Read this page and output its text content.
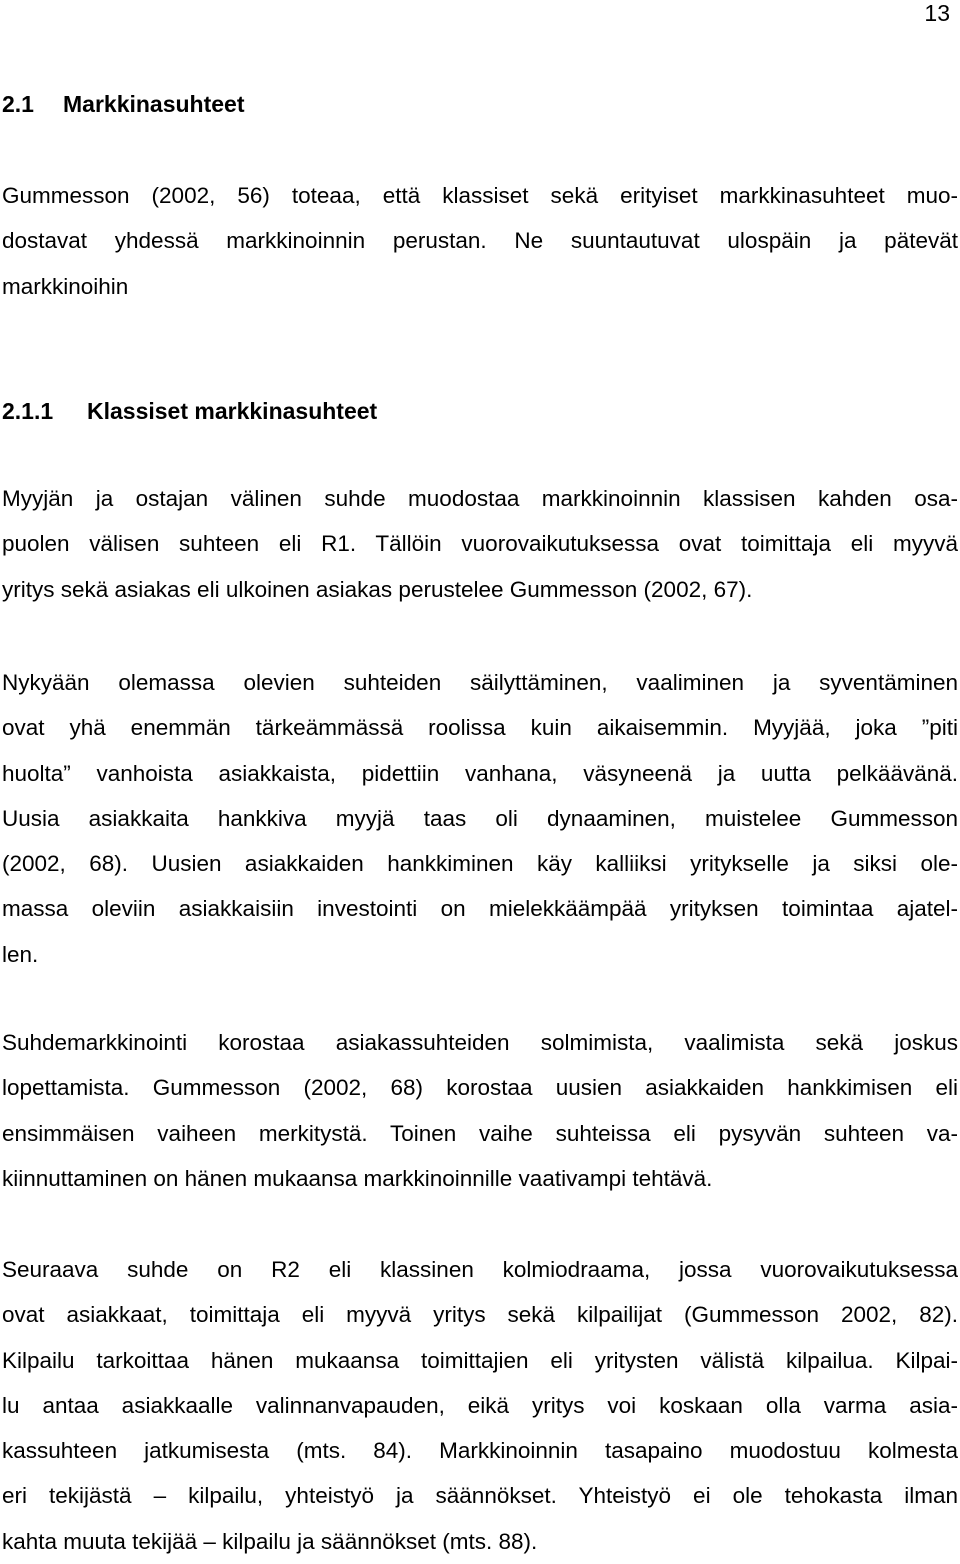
13
2.1 Markkinasuhteet
Gummesson (2002, 56) toteaa, että klassiset sekä erityiset markkinasuhteet muo-
dostavat yhdessä markkinoinnin perustan. Ne suuntautuvat ulospäin ja pätevät
markkinoihin
2.1.1 Klassiset markkinasuhteet
Myyjän ja ostajan välinen suhde muodostaa markkinoinnin klassisen kahden osa-
puolen välisen suhteen eli R1. Tällöin vuorovaikutuksessa ovat toimittaja eli myyvä
yritys sekä asiakas eli ulkoinen asiakas perustelee Gummesson (2002, 67).
Nykyään olemassa olevien suhteiden säilyttäminen, vaaliminen ja syventäminen
ovat yhä enemmän tärkeämmässä roolissa kuin aikaisemmin. Myyjää, joka ”piti
huolta” vanhoista asiakkaista, pidettiin vanhana, väsyneenä ja uutta pelkäävänä.
Uusia asiakkaita hankkiva myyjä taas oli dynaaminen, muistelee Gummesson
(2002, 68). Uusien asiakkaiden hankkiminen käy kalliiksi yritykselle ja siksi ole-
massa oleviin asiakkaisiin investointi on mielekkäämpää yrityksen toimintaa ajatel-
len.
Suhdemarkkinointi korostaa asiakassuhteiden solmimista, vaalimista sekä joskus
lopettamista. Gummesson (2002, 68) korostaa uusien asiakkaiden hankkimisen eli
ensimmäisen vaiheen merkitystä. Toinen vaihe suhteissa eli pysyvän suhteen va-
kiinnuttaminen on hänen mukaansa markkinoinnille vaativampi tehtävä.
Seuraava suhde on R2 eli klassinen kolmiodraama, jossa vuorovaikutuksessa
ovat asiakkaat, toimittaja eli myyvä yritys sekä kilpailijat (Gummesson 2002, 82).
Kilpailu tarkoittaa hänen mukaansa toimittajien eli yritysten välistä kilpailua. Kilpai-
lu antaa asiakkaalle valinnanvapauden, eikä yritys voi koskaan olla varma asia-
kassuhteen jatkumisesta (mts. 84). Markkinoinnin tasapaino muodostuu kolmesta
eri tekijästä – kilpailu, yhteistyö ja säännökset. Yhteistyö ei ole tehokasta ilman
kahta muuta tekijää – kilpailu ja säännökset (mts. 88).
